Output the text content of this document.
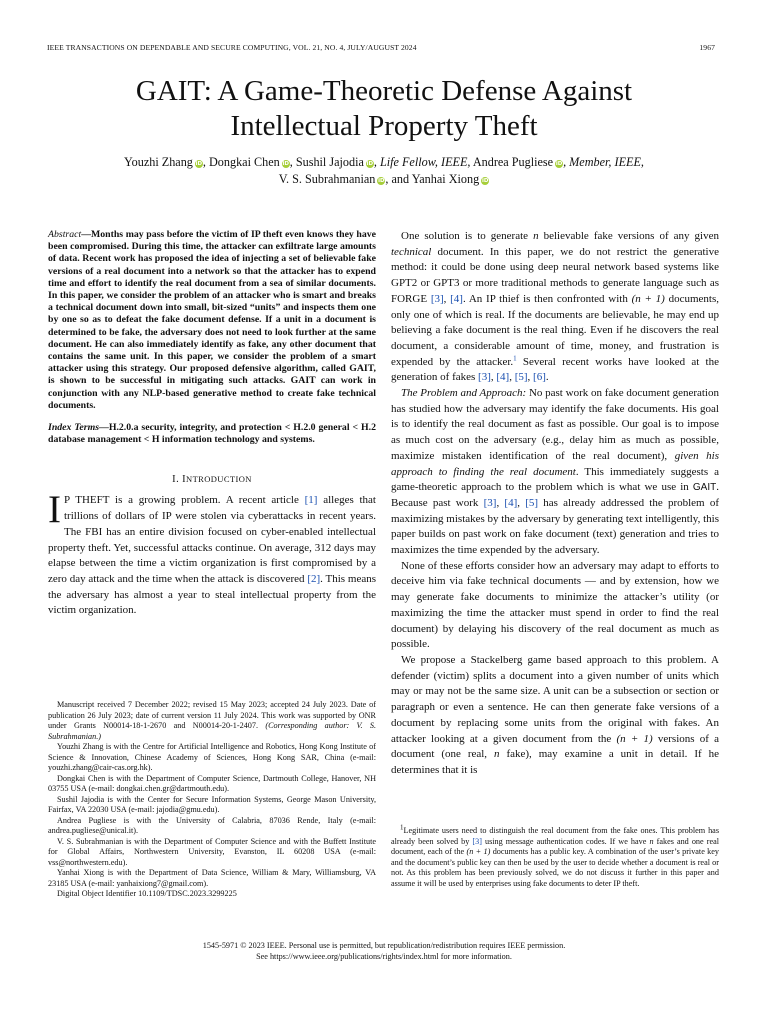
IEEE TRANSACTIONS ON DEPENDABLE AND SECURE COMPUTING, VOL. 21, NO. 4, JULY/AUGUST 2024	1967
GAIT: A Game-Theoretic Defense Against
Intellectual Property Theft
Youzhi Zhang iD, Dongkai Chen iD, Sushil Jajodia iD, Life Fellow, IEEE, Andrea Pugliese iD, Member, IEEE,
V. S. Subrahmanian iD, and Yanhai Xiong iD

Abstract—Months may pass before the victim of IP theft even knows they have been compromised. During this time, the attacker can exfiltrate large amounts of data. Recent work has proposed the idea of injecting a set of believable fake versions of a real document into a network so that the attacker has to expend time and effort to identify the real document from a sea of similar documents. In this paper, we consider the problem of an attacker who is smart and breaks a technical document down into small, bit-sized “units” and inspects them one by one so as to defeat the fake document defense. If a unit in a document is determined to be fake, the adversary does not need to look further at the same document. He can also immediately identify as fake, any other document that contains the same unit. In this paper, we consider the problem of a smart attacker using this strategy. Our proposed defensive algorithm, called GAIT, is shown to be successful in mitigating such attacks. GAIT can work in conjunction with any NLP-based generative method to create fake technical documents.

Index Terms—H.2.0.a security, integrity, and protection < H.2.0 general < H.2 database management < H information technology and systems.

I. INTRODUCTION

I P THEFT is a growing problem. A recent article [1] alleges that trillions of dollars of IP were stolen via cyberattacks in recent years. The FBI has an entire division focused on cyber-enabled intellectual property theft. Yet, successful attacks continue. On average, 312 days may elapse between the time a victim organization is first compromised by a zero day attack and the time when the attack is discovered [2]. This means the adversary has almost a year to steal intellectual property from the victim organization.

Manuscript received 7 December 2022; revised 15 May 2023; accepted 24 July 2023. Date of publication 26 July 2023; date of current version 11 July 2024. This work was supported by ONR under Grants N00014-18-1-2670 and N00014-20-1-2407. (Corresponding author: V. S. Subrahmanian.)

Youzhi Zhang is with the Centre for Artificial Intelligence and Robotics, Hong Kong Institute of Science & Innovation, Chinese Academy of Sciences, Hong Kong SAR, China (e-mail: youzhi.zhang@cair-cas.org.hk).

Dongkai Chen is with the Department of Computer Science, Dartmouth College, Hanover, NH 03755 USA (e-mail: dongkai.chen.gr@dartmouth.edu).

Sushil Jajodia is with the Center for Secure Information Systems, George Mason University, Fairfax, VA 22030 USA (e-mail: jajodia@gmu.edu).

Andrea Pugliese is with the University of Calabria, 87036 Rende, Italy (e-mail: andrea.pugliese@unical.it).

V. S. Subrahmanian is with the Department of Computer Science and with the Buffett Institute for Global Affairs, Northwestern University, Evanston, IL 60208 USA (e-mail: vss@northwestern.edu).

Yanhai Xiong is with the Department of Data Science, William & Mary, Williamsburg, VA 23185 USA (e-mail: yanhaixiong7@gmail.com).

Digital Object Identifier 10.1109/TDSC.2023.3299225

One solution is to generate n believable fake versions of any given technical document. In this paper, we do not restrict the generative method: it could be done using deep neural network based systems like GPT2 or GPT3 or more traditional methods to generate language such as FORGE [3], [4]. An IP thief is then confronted with (n + 1) documents, only one of which is real. If the documents are believable, he may end up believing a fake document is the real thing. Even if he discovers the real document, a considerable amount of time, money, and frustration is expended by the attacker.$^1$ Several recent works have looked at the generation of fakes [3], [4], [5], [6].

The Problem and Approach: No past work on fake document generation has studied how the adversary may identify the fake documents. His goal is to identify the real document as fast as possible. Our goal is to impose as much cost on the adversary (e.g., delay him as much as possible, maximize mistaken identification of the real document), given his approach to finding the real document. This immediately suggests a game-theoretic approach to the problem which is what we use in GAIT. Because past work [3], [4], [5] has already addressed the problem of maximizing mistakes by the adversary by generating text intelligently, this paper builds on past work on fake document (text) generation and tries to maximizes the time expended by the adversary.

None of these efforts consider how an adversary may adapt to efforts to deceive him via fake technical documents — and by extension, how we may generate fake documents to minimize the attacker’s utility (or maximizing the time the attacker must spend in order to find the real document) by delaying his discovery of the real document as much as possible.

We propose a Stackelberg game based approach to this problem. A defender (victim) splits a document into a given number of units which may or may not be the same size. A unit can be a subsection or section or paragraph or even a sentence. He can then generate fake versions of a document by replacing some units from the original with fakes. An attacker looking at a given document from the (n + 1) versions of a document (one real, n fake), may examine a unit in detail. If he determines that it is

$^1$Legitimate users need to distinguish the real document from the fake ones. This problem has already been solved by [3] using message authentication codes. If we have n fakes and one real document, each of the (n + 1) documents has a public key. A combination of the user’s private key and the document’s public key can then be used by the user to decide whether a document is real or not. As this problem has been previously solved, we do not discuss it further in this paper and assume it will be used by enterprises using fake documents to deter IP theft.

1545-5971 © 2023 IEEE. Personal use is permitted, but republication/redistribution requires IEEE permission.
See https://www.ieee.org/publications/rights/index.html for more information.
